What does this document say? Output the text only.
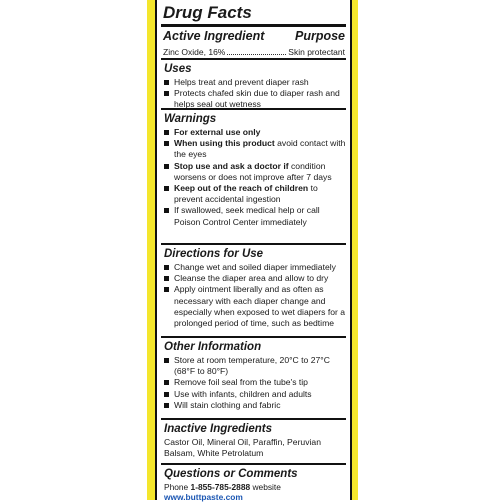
Drug Facts
Active Ingredient Purpose
Zinc Oxide, 16%	Skin protectant
Uses
Helps treat and prevent diaper rash
Protects chafed skin due to diaper rash and helps seal out wetness
Warnings
For external use only
When using this product avoid contact with the eyes
Stop use and ask a doctor if condition worsens or does not improve after 7 days
Keep out of the reach of children to prevent accidental ingestion
If swallowed, seek medical help or call Poison Control Center immediately
Directions for Use
Change wet and soiled diaper immediately
Cleanse the diaper area and allow to dry
Apply ointment liberally and as often as necessary with each diaper change and especially when exposed to wet diapers for a prolonged period of time, such as bedtime
Other Information
Store at room temperature, 20°C to 27°C (68°F to 80°F)
Remove foil seal from the tube's tip
Use with infants, children and adults
Will stain clothing and fabric
Inactive Ingredients
Castor Oil, Mineral Oil, Paraffin, Peruvian Balsam, White Petrolatum
Questions or Comments
Phone 1-855-785-2888 website www.buttpaste.com
